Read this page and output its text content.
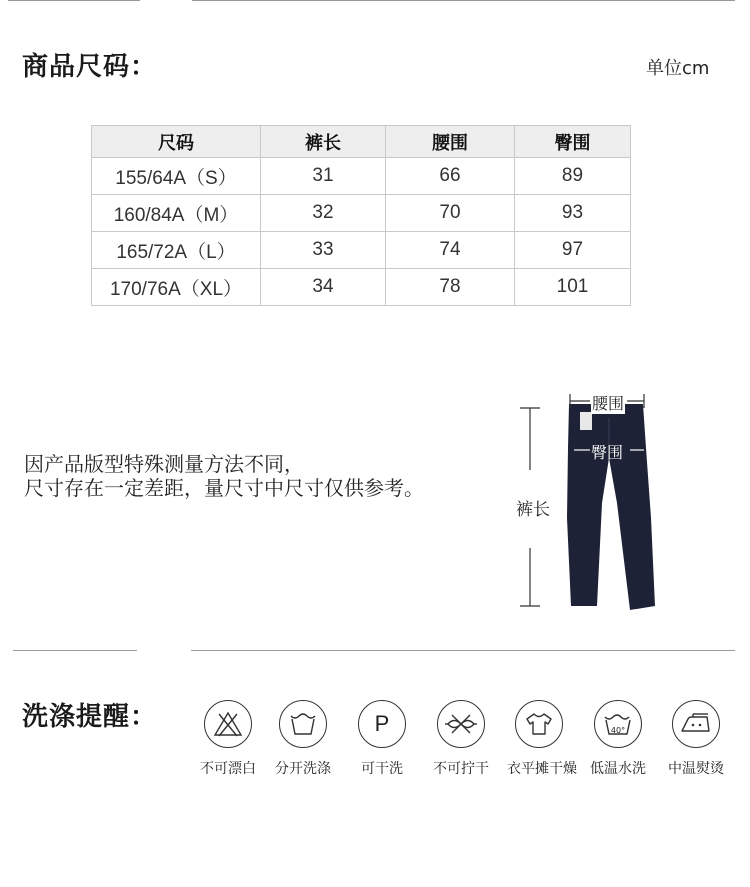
商品尺码：	单位cm
尺码	裤长	腰围	臀围
155/64A（S）	31	66	89
160/84A（M）	32	70	93
165/72A（L）	33	74	97
170/76A（XL）	34	78	101
因产品版型特殊测量方法不同，
尺寸存在一定差距，量尺寸中尺寸仅供参考。
腰围
臀围
裤长
洗涤提醒：
不可漂白 分开洗涤
P
可干洗	不可拧干 衣平摊干燥
40°
低温水洗 中温熨烫
